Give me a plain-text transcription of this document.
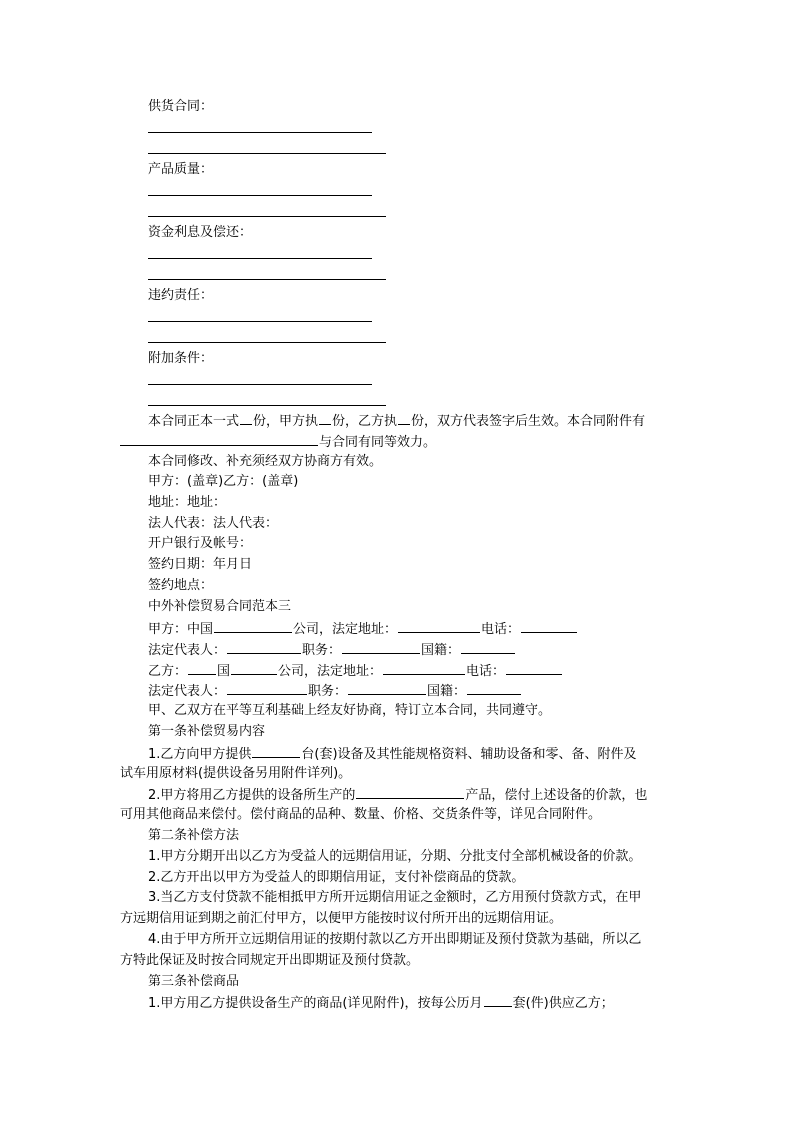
供货合同：
产品质量：
资金利息及偿还：
违约责任：
附加条件：
本合同正本一式 份，甲方执 份，乙方执 份，双方代表签字后生效。本合同附件有
与合同有同等效力。
本合同修改、补充须经双方协商方有效。
甲方：(盖章)乙方：(盖章)
地址：地址：
法人代表：法人代表：
开户银行及帐号：
签约日期：年月日
签约地点：
中外补偿贸易合同范本三
甲方：中国	公司，法定地址：	电话：
法定代表人：	职务：	国籍：
乙方： 国	公司，法定地址：	电话：
法定代表人：	职务：	国籍：
甲、乙双方在平等互利基础上经友好协商，特订立本合同，共同遵守。
第一条补偿贸易内容
1.乙方向甲方提供	台(套)设备及其性能规格资料、辅助设备和零、备、附件及
试车用原材料(提供设备另用附件详列)。
2.甲方将用乙方提供的设备所生产的	产品，偿付上述设备的价款，也
可用其他商品来偿付。偿付商品的品种、数量、价格、交货条件等，详见合同附件。
第二条补偿方法
1.甲方分期开出以乙方为受益人的远期信用证，分期、分批支付全部机械设备的价款。
2.乙方开出以甲方为受益人的即期信用证，支付补偿商品的贷款。
3.当乙方支付贷款不能相抵甲方所开远期信用证之金额时，乙方用预付贷款方式，在甲
方远期信用证到期之前汇付甲方，以便甲方能按时议付所开出的远期信用证。
4.由于甲方所开立远期信用证的按期付款以乙方开出即期证及预付贷款为基础，所以乙
方特此保证及时按合同规定开出即期证及预付贷款。
第三条补偿商品
1.甲方用乙方提供设备生产的商品(详见附件)，按每公历月 套(件)供应乙方；
